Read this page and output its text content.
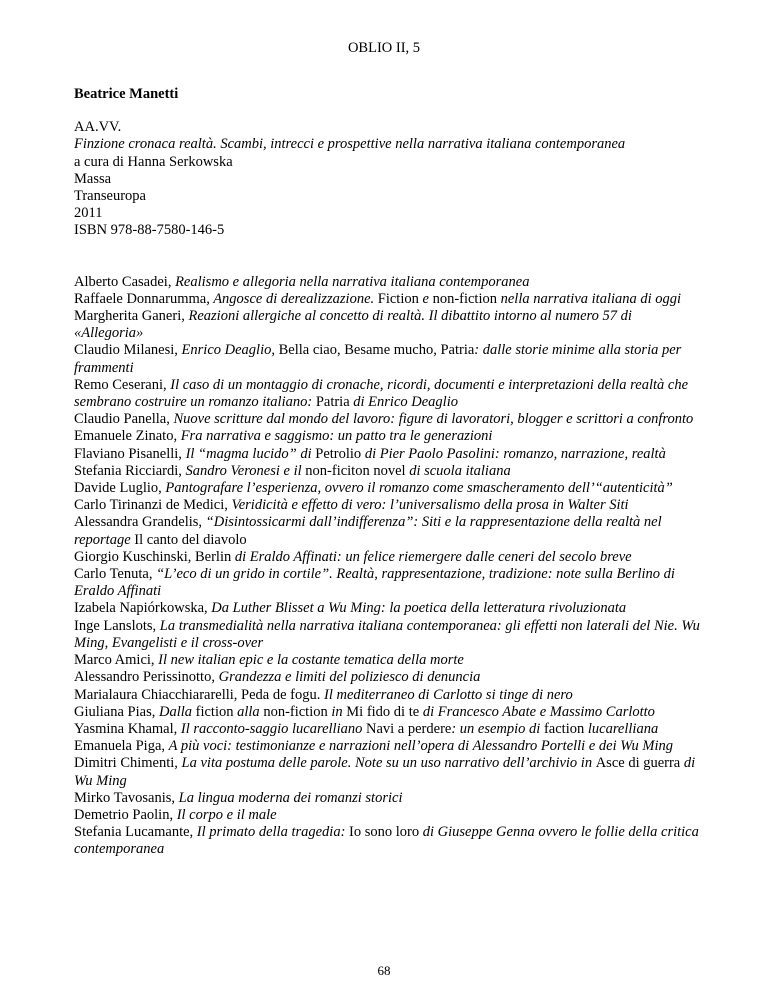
OBLIO II, 5
Beatrice Manetti
AA.VV.
Finzione cronaca realtà. Scambi, intrecci e prospettive nella narrativa italiana contemporanea
a cura di Hanna Serkowska
Massa
Transeuropa
2011
ISBN 978-88-7580-146-5
Alberto Casadei, Realismo e allegoria nella narrativa italiana contemporanea
Raffaele Donnarumma, Angosce di derealizzazione. Fiction e non-fiction nella narrativa italiana di oggi
Margherita Ganeri, Reazioni allergiche al concetto di realtà. Il dibattito intorno al numero 57 di «Allegoria»
Claudio Milanesi, Enrico Deaglio, Bella ciao, Besame mucho, Patria: dalle storie minime alla storia per frammenti
Remo Ceserani, Il caso di un montaggio di cronache, ricordi, documenti e interpretazioni della realtà che sembrano costruire un romanzo italiano: Patria di Enrico Deaglio
Claudio Panella, Nuove scritture dal mondo del lavoro: figure di lavoratori, blogger e scrittori a confronto
Emanuele Zinato, Fra narrativa e saggismo: un patto tra le generazioni
Flaviano Pisanelli, Il “magma lucido” di Petrolio di Pier Paolo Pasolini: romanzo, narrazione, realtà
Stefania Ricciardi, Sandro Veronesi e il non-ficiton novel di scuola italiana
Davide Luglio, Pantografare l’esperienza, ovvero il romanzo come smascheramento dell’“autenticità”
Carlo Tirinanzi de Medici, Veridicità e effetto di vero: l’universalismo della prosa in Walter Siti
Alessandra Grandelis, “Disintossicarmi dall’indifferenza”: Siti e la rappresentazione della realtà nel reportage Il canto del diavolo
Giorgio Kuschinski, Berlin di Eraldo Affinati: un felice riemergere dalle ceneri del secolo breve
Carlo Tenuta, “L’eco di un grido in cortile”. Realtà, rappresentazione, tradizione: note sulla Berlino di Eraldo Affinati
Izabela Napiórkowska, Da Luther Blisset a Wu Ming: la poetica della letteratura rivoluzionata
Inge Lanslots, La transmedialità nella narrativa italiana contemporanea: gli effetti non laterali del Nie. Wu Ming, Evangelisti e il cross-over
Marco Amici, Il new italian epic e la costante tematica della morte
Alessandro Perissinotto, Grandezza e limiti del poliziesco di denuncia
Marialaura Chiacchiararelli, Peda de fogu. Il mediterraneo di Carlotto si tinge di nero
Giuliana Pias, Dalla fiction alla non-fiction in Mi fido di te di Francesco Abate e Massimo Carlotto
Yasmina Khamal, Il racconto-saggio lucarelliano Navi a perdere: un esempio di faction lucarelliana
Emanuela Piga, A più voci: testimonianze e narrazioni nell’opera di Alessandro Portelli e dei Wu Ming
Dimitri Chimenti, La vita postuma delle parole. Note su un uso narrativo dell’archivio in Asce di guerra di Wu Ming
Mirko Tavosanis, La lingua moderna dei romanzi storici
Demetrio Paolin, Il corpo e il male
Stefania Lucamante, Il primato della tragedia: Io sono loro di Giuseppe Genna ovvero le follie della critica contemporanea
68
